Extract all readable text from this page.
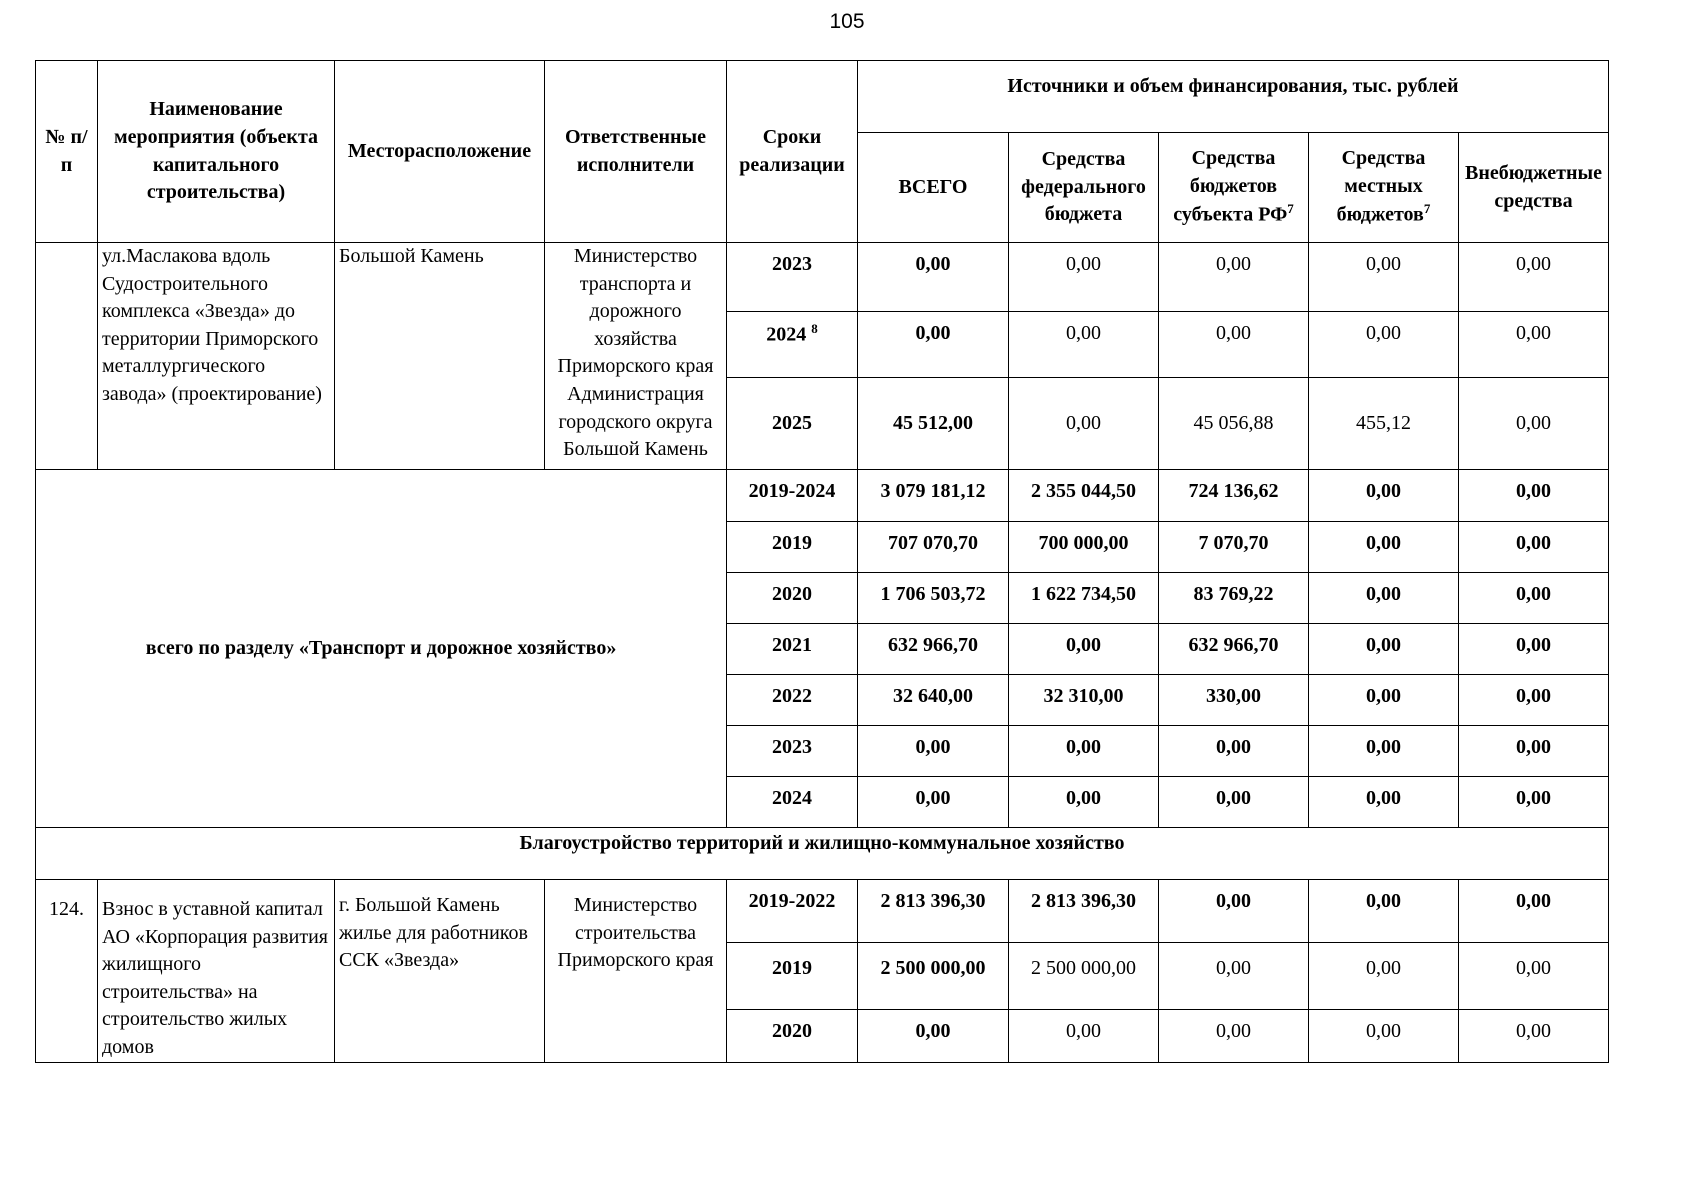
105
№ п/п	Наименование мероприятия (объекта капитального строительства)	Месторасположение	Ответственные исполнители	Сроки реализации	Источники и объем финансирования, тыс. рублей				
					ВСЕГО	Средства федерального бюджета	Средства бюджетов субъекта $РФ^7$	Средства местных бюджетов$^7$	Внебюджетные средства
	ул.Маслакова вдоль Судостроительного комплекса «Звезда» до территории Приморского металлургического завода» (проектирование)	Большой Камень	Министерство транспорта и дорожного хозяйства Приморского края Администрация городского округа Большой Камень	2023	0,00	0,00	0,00	0,00	0,00
				2024 $^8$	0,00	0,00	0,00	0,00	0,00
				2025	45 512,00	0,00	45 056,88	455,12	0,00
всего по разделу «Транспорт и дорожное хозяйство»				2019-2024	3 079 181,12	2 355 044,50	724 136,62	0,00	0,00
				2019	707 070,70	700 000,00	7 070,70	0,00	0,00
				2020	1 706 503,72	1 622 734,50	83 769,22	0,00	0,00
				2021	632 966,70	0,00	632 966,70	0,00	0,00
				2022	32 640,00	32 310,00	330,00	0,00	0,00
				2023	0,00	0,00	0,00	0,00	0,00
				2024	0,00	0,00	0,00	0,00	0,00
Благоустройство территорий и жилищно-коммунальное хозяйство									
124.	Взнос в уставной капитал АО «Корпорация развития жилищного строительства» на строительство жилых домов	г. Большой Камень жилье для работников ССК «Звезда»	Министерство строительства Приморского края	2019-2022	2 813 396,30	2 813 396,30	0,00	0,00	0,00
				2019	2 500 000,00	2 500 000,00	0,00	0,00	0,00
				2020	0,00	0,00	0,00	0,00	0,00
